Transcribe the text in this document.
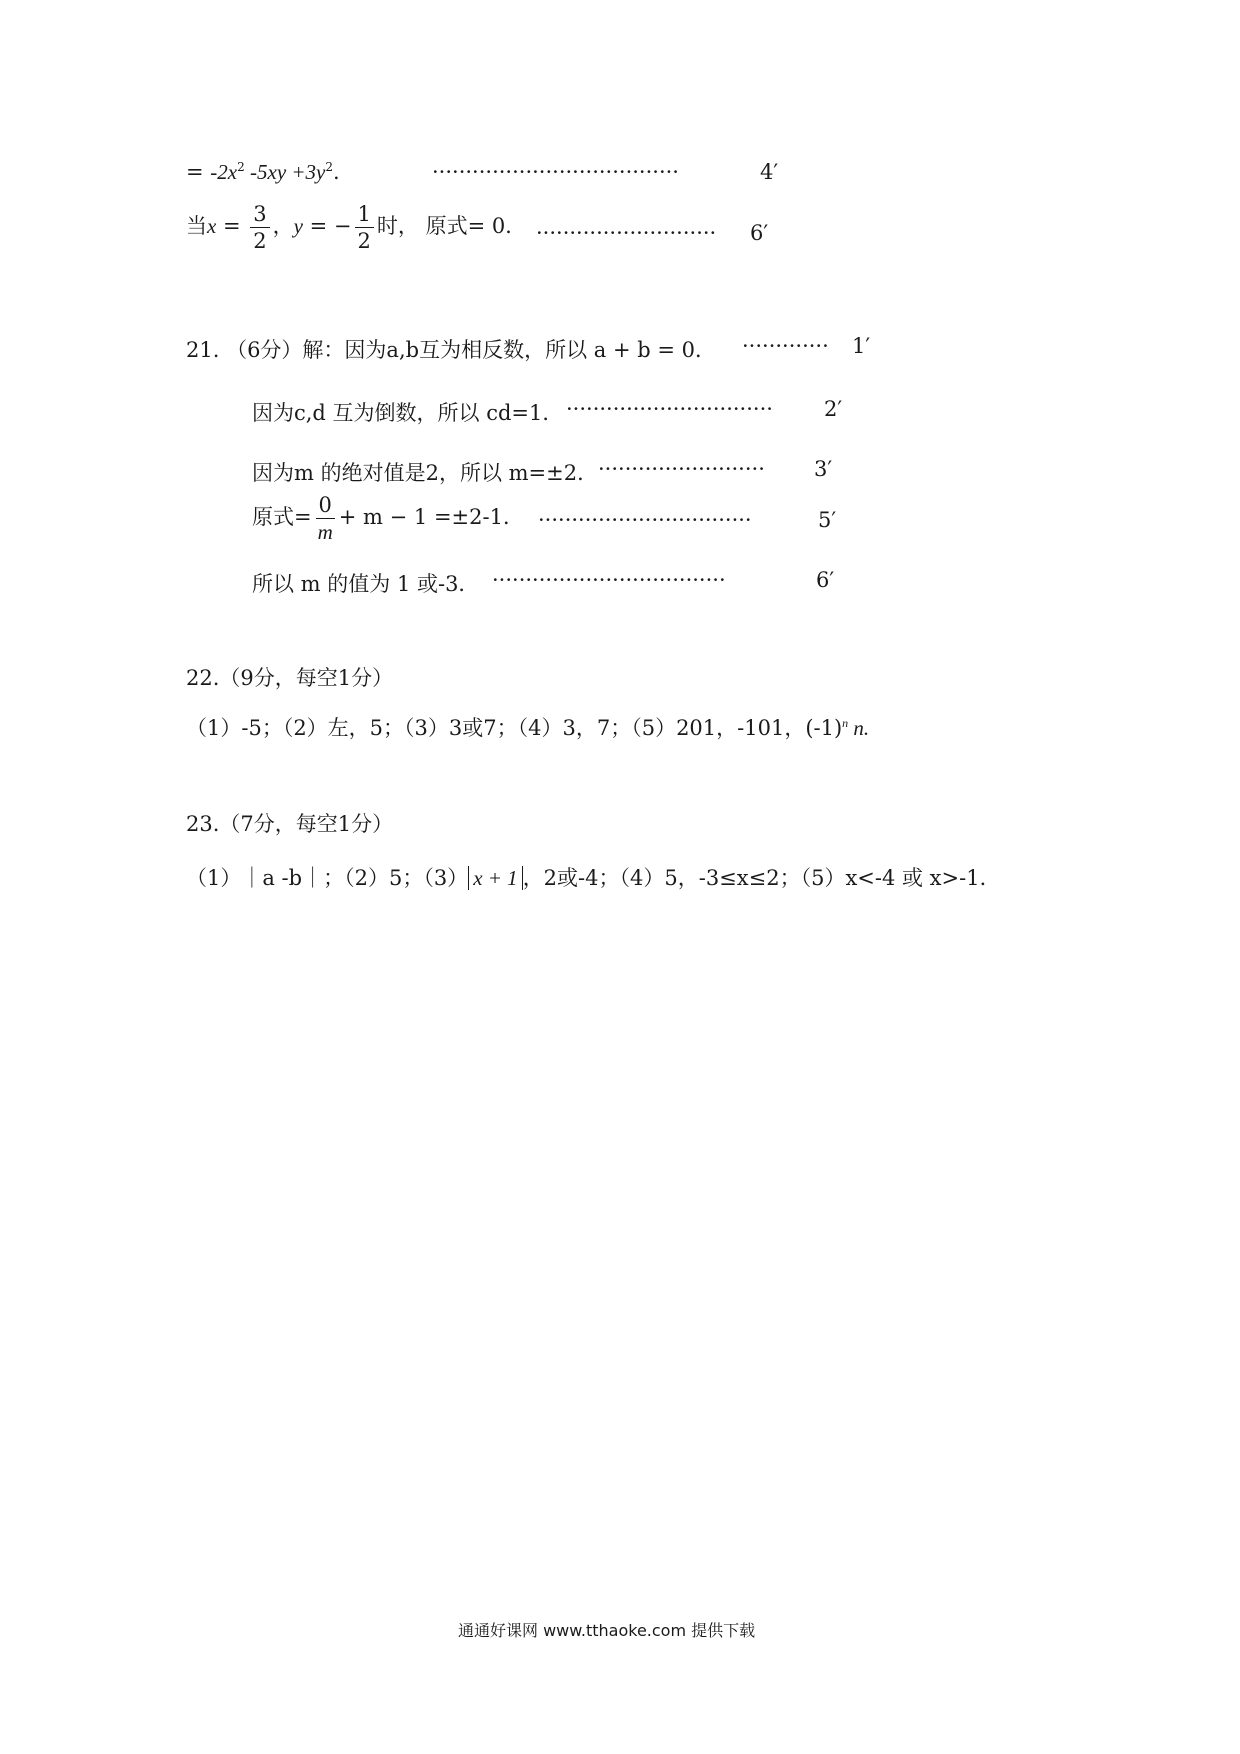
= $-2x^2$ $-5xy +3y^2$.	·····································	4′
当$x = \frac{3}{2}$ ，y = − $\frac{1}{2}$ 时， 原式= 0． ··························· 6′
21. （6分）解：因为a,b互为相反数，所以 a + b = 0． ············· 1′
因为c,d 互为倒数，所以 cd=1． ······························· 2′
因为m 的绝对值是2，所以 m=±2． ························· 3′
原式= $\frac{0}{m} + m - 1 =\pm 2-1$． ································	5′
所以 m 的值为 1 或-3． ···································	6′
22.（9分，每空1分）
（1）-5；（2）左，5；（3）3或7；（4）3，7；（5）201，-101，$(-1)^n$ n.
23.（7分，每空1分）
（1）｜a -b｜；（2）5；（3） x + 1 ，2或-4；（4）5，-3≤x≤2；（5）x<-4 或 x>-1．
通通好课网 www.tthaoke.com 提供下载
